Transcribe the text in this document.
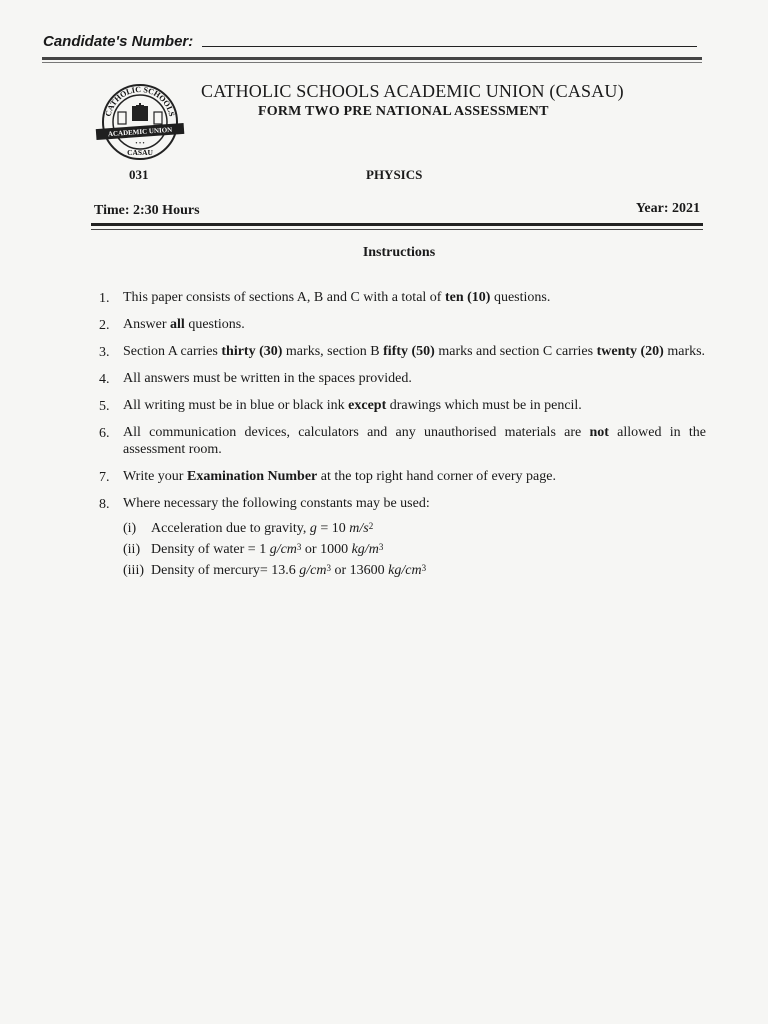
Candidate's Number:
CATHOLIC SCHOOLS
ACADEMIC UNION
• • •
CASAU
CATHOLIC SCHOOLS ACADEMIC UNION (CASAU)
FORM TWO PRE NATIONAL ASSESSMENT
031	PHYSICS
Time: 2:30 Hours	Year: 2021
Instructions
1. This paper consists of sections A, B and C with a total of ten (10) questions.
2. Answer all questions.
3. Section A carries thirty (30) marks, section B fifty (50) marks and section C carries twenty (20) marks.
4. All answers must be written in the spaces provided.
5. All writing must be in blue or black ink except drawings which must be in pencil.
6. All communication devices, calculators and any unauthorised materials are not allowed in the assessment room.
7. Write your Examination Number at the top right hand corner of every page.
8. Where necessary the following constants may be used:
(i) Acceleration due to gravity, g = 10 $m/s^2$
(ii) Density of water = 1 $g/cm^3$ or 1000 $kg/m^3$
(iii) Density of mercury= 13.6 $g/cm^3$ or 13600 $kg/cm^3$
